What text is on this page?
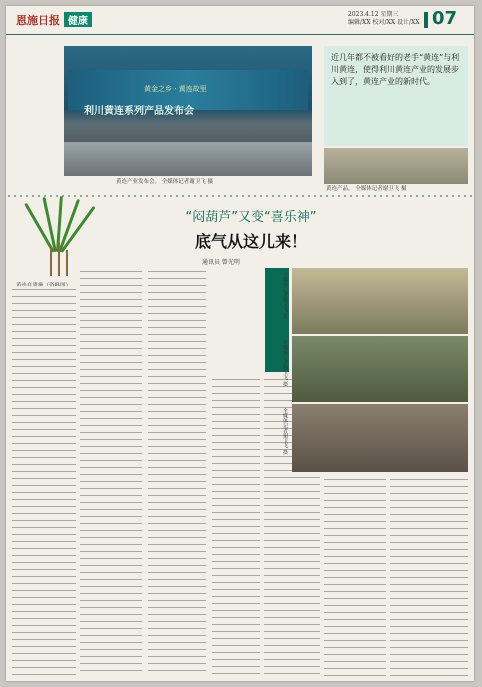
恩施日报 健康
2023.4.12 星期三
编辑/XX 校对/XX 设计/XX 07
黄金之乡 · 黄连故里
利川黄连系列产品发布会
黄连产业发布会。 全媒体记者谢卫飞 摄
近几年都不被看好的老手“黄连”与利川黄连，使得利川黄连产业的发展步入到了，黄连产业的新时代。
黄连产品。 全媒体记者谢卫飞 摄
“闷葫芦”又变“喜乐神”
底气从这儿来！
通讯员 曾光明
全媒体记者谢卫飞 摄
全媒体记者谢卫飞 摄
全媒体记者谢卫飞 摄
